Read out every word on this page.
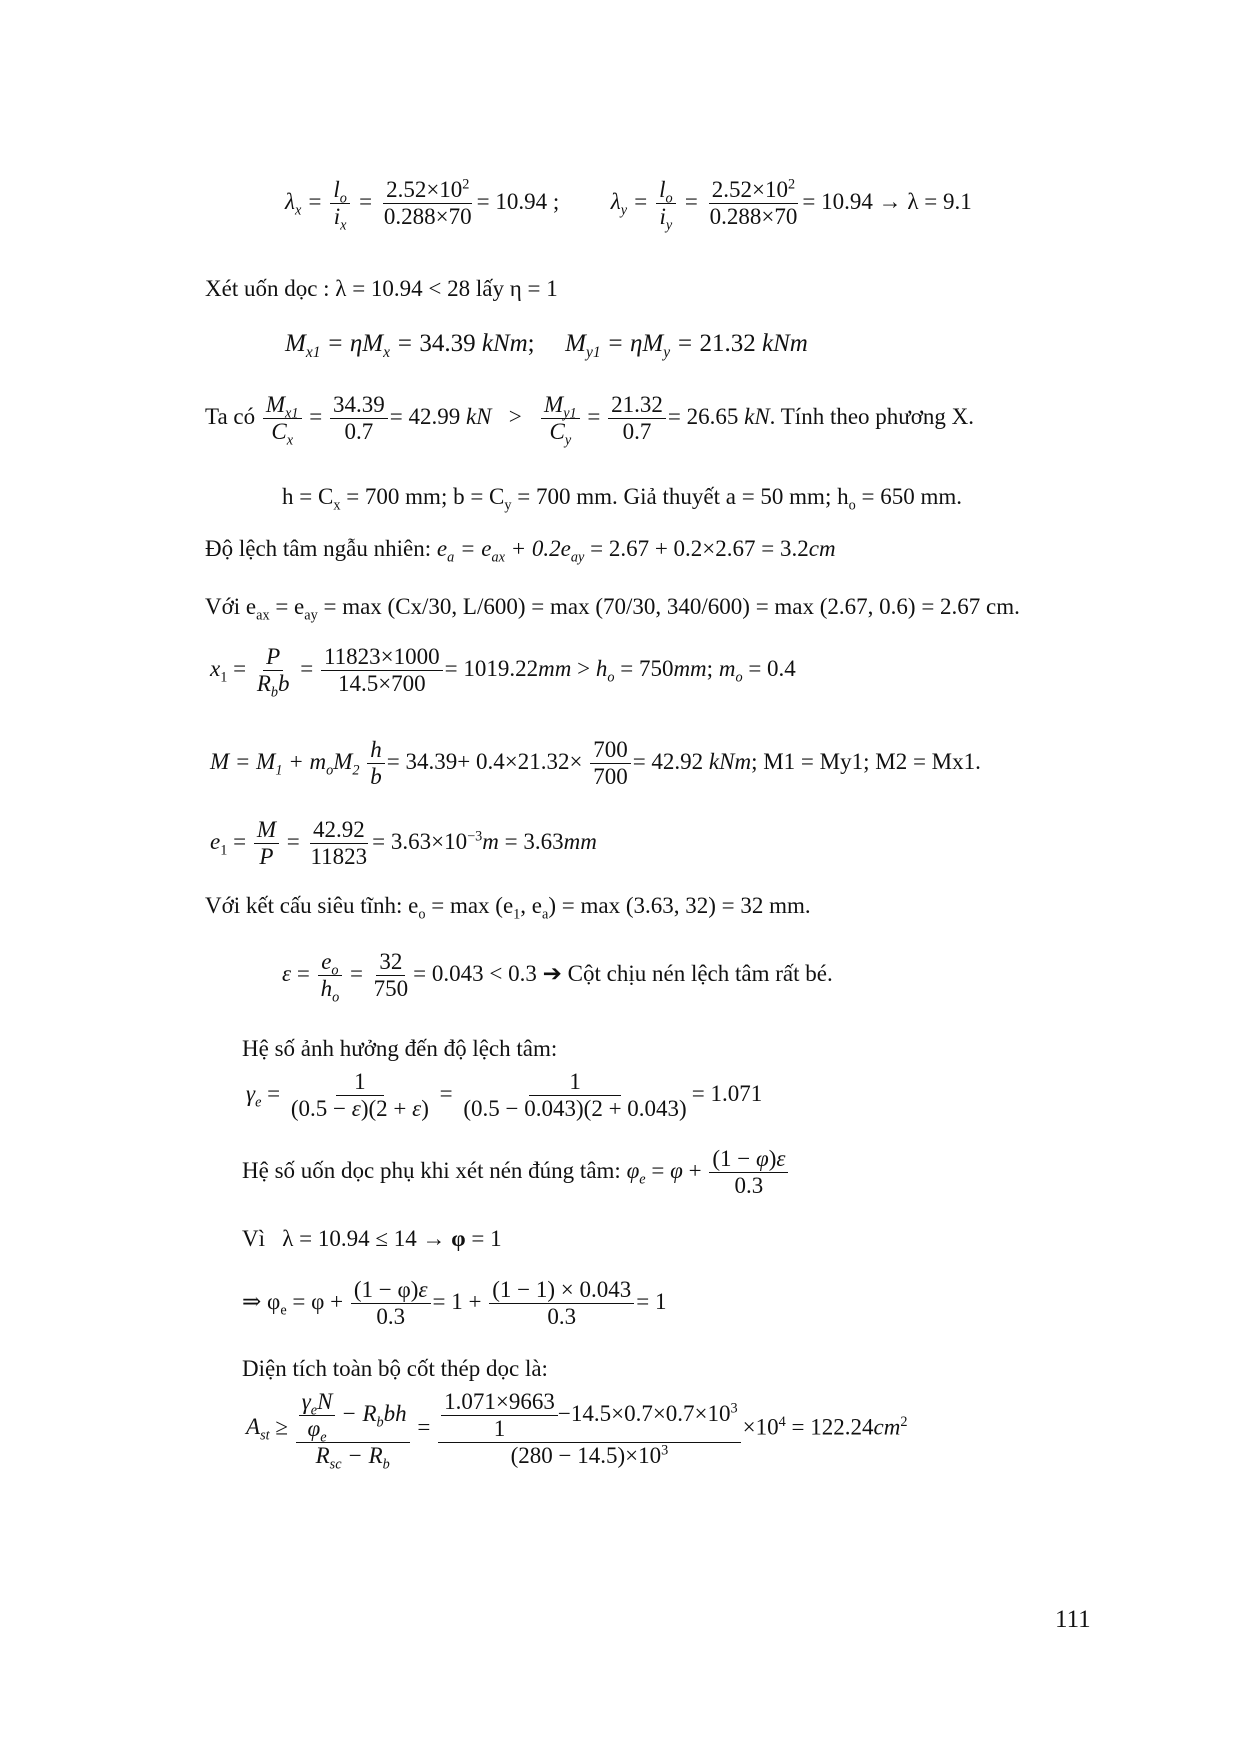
$\lambda_x = \frac{l_o}{i_x} = \frac{2.52\times 10^2}{0.288\times 70} = 10.94$ ;  $\lambda_y = \frac{l_o}{i_y} = \frac{2.52\times 10^2}{0.288\times 70} = 10.94 \to \lambda = 9.1$
Xét uốn dọc : λ = 10.94 < 28 lấy η = 1
$M_{x1} = \eta M_x = 34.39$ kNm;  $M_{y1} = \eta M_y = 21.32$ kNm
Ta có $\frac{M_{x1}}{C_x} = \frac{34.39}{0.7} = 42.99$ kN   > $\frac{M_{y1}}{C_y} = \frac{21.32}{0.7} = 26.65$ kN. Tính theo phương X.
$h = C_x = 700$ mm; $b = C_y = 700$ mm. Giả thuyết a = 50 mm; $h_o = 650$ mm.
Độ lệch tâm ngẫu nhiên: $e_a = e_{ax} + 0.2e_{ay} = 2.67 + 0.2\times 2.67 = 3.2cm$
Với $e_{ax} = e_{ay} = \max (Cx/30$, L/600) = max (70/30, 340/600) = max (2.67, 0.6) = 2.67 cm.
$x_1 = \frac{P}{R_bb} = \frac{11823\times 1000}{14.5\times 700} = 1019.22mm > h_o = 750mm$; $m_o = 0.4$
$M = M_1 + m_oM_2 \frac{h}{b} = 34.39+ 0.4\times 21.32\times \frac{700}{700} = 42.92$ kNm; M1 = My1; M2 = Mx1.
$e_1 = \frac{M}{P} = \frac{42.92}{11823} = 3.63\times 10^{-3}m = 3.63mm$
Với kết cấu siêu tĩnh: $e_o = \max (e_1$, $e_a) = \max (3.63$, 32) = 32 mm.
$\varepsilon = \frac{e_o}{h_o} = \frac{32}{750} = 0.043 < 0.3$ ➔ Cột chịu nén lệch tâm rất bé.
Hệ số ảnh hưởng đến độ lệch tâm:
$\gamma_e = \frac{1}{(0.5 - \varepsilon)(2 + \varepsilon)} = \frac{1}{(0.5 - 0.043)(2 + 0.043)} = 1.071$
Hệ số uốn dọc phụ khi xét nén đúng tâm: $\varphi_e = \varphi + \frac{(1 - \varphi)\varepsilon}{0.3}$
Vì λ = 10.94 ≤ 14 → φ = 1
⇒ $\varphi_e = \varphi + \frac{(1 - \varphi)\varepsilon}{0.3} = 1 + \frac{(1 - 1) \times 0.043}{0.3} = 1$
Diện tích toàn bộ cốt thép dọc là:
$A_{st} \ge \frac{\frac{\gamma_eN}{\varphi_e} - R_bbh}{R_{sc} - R_b} = \frac{\frac{1.071\times 9663}{1} -14.5\times 0.7\times 0.7\times 10^3}{(280 - 14.5)\times 10^3} \times 10^4 = 122.24cm^2$
111
